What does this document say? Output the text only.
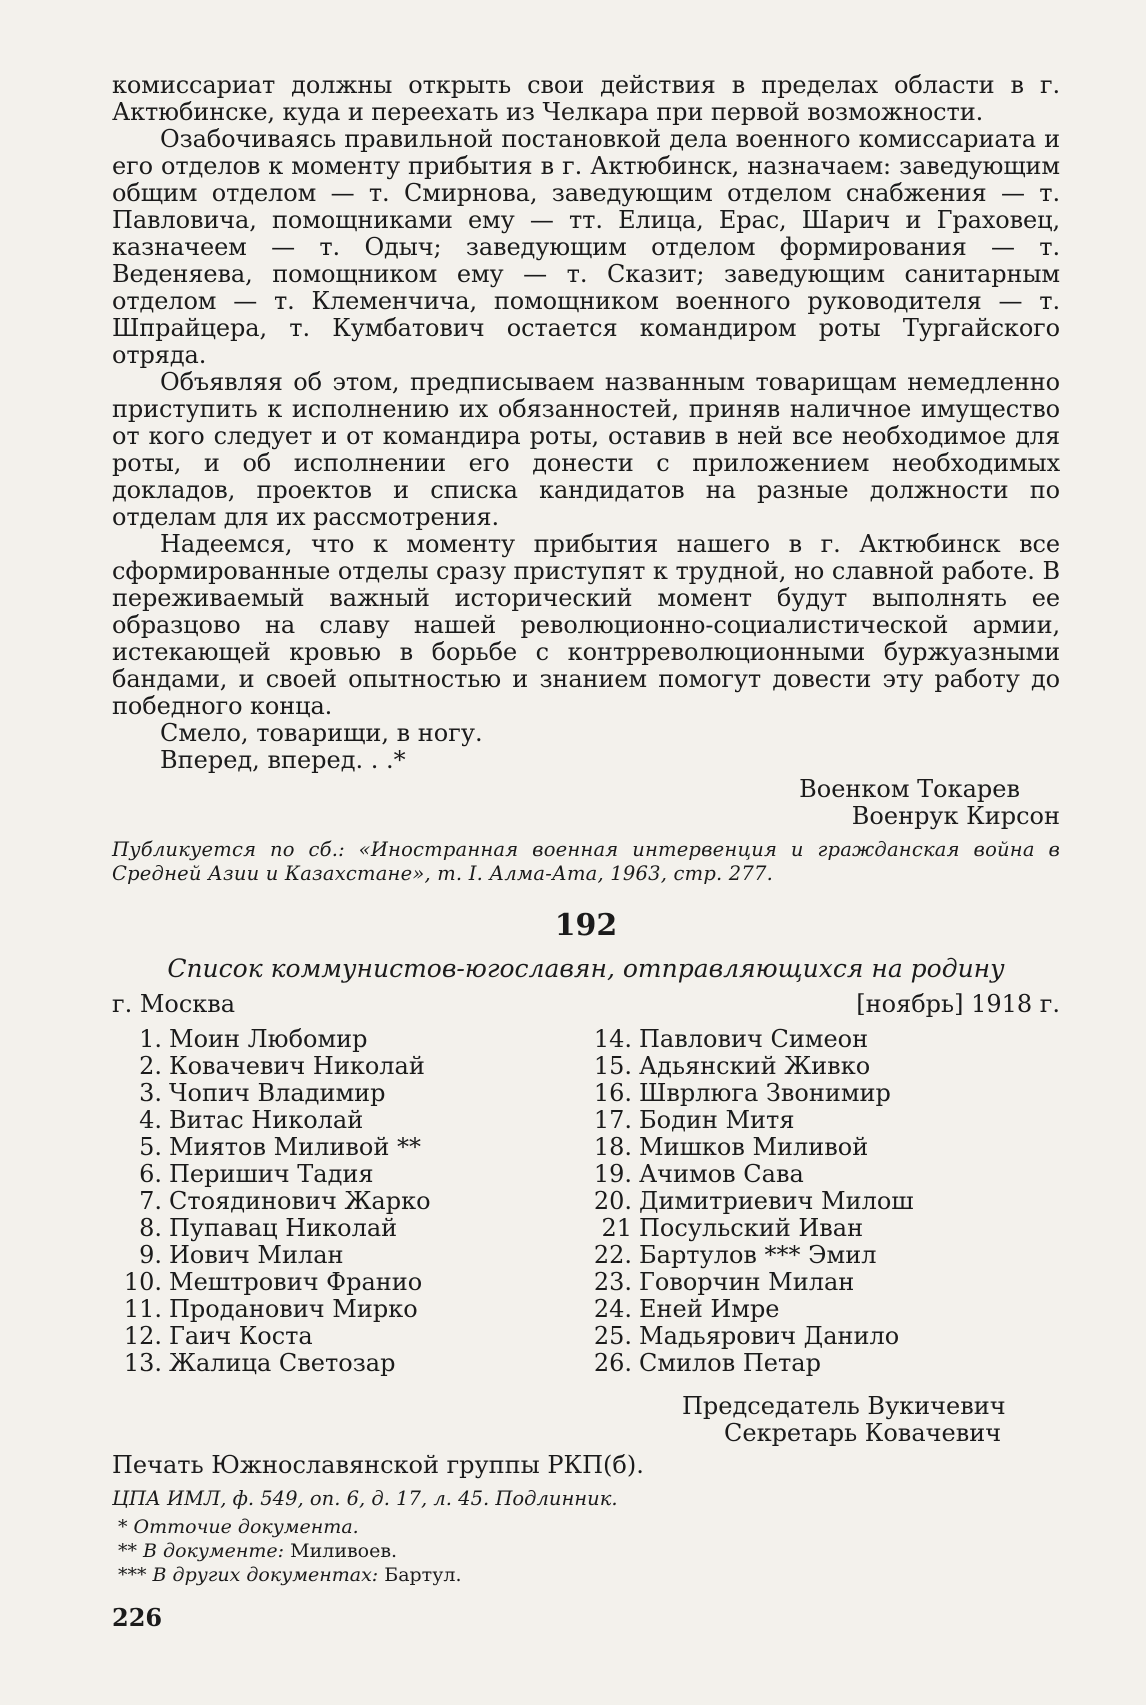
комиссариат должны открыть свои действия в пределах области в г. Актюбинске, куда и переехать из Челкара при первой возможности.

Озабочиваясь правильной постановкой дела военного комиссариата и его отделов к моменту прибытия в г. Актюбинск, назначаем: заведующим общим отделом — т. Смирнова, заведующим отделом снабжения — т. Павловича, помощниками ему — тт. Елица, Ерас, Шарич и Граховец, казначеем — т. Одыч; заведующим отделом формирования — т. Веденяева, помощником ему — т. Сказит; заведующим санитарным отделом — т. Клеменчича, помощником военного руководителя — т. Шпрайцера, т. Кумбатович остается командиром роты Тургайского отряда.

Объявляя об этом, предписываем названным товарищам немедленно приступить к исполнению их обязанностей, приняв наличное имущество от кого следует и от командира роты, оставив в ней все необходимое для роты, и об исполнении его донести с приложением необходимых докладов, проектов и списка кандидатов на разные должности по отделам для их рассмотрения.

Надеемся, что к моменту прибытия нашего в г. Актюбинск все сформированные отделы сразу приступят к трудной, но славной работе. В переживаемый важный исторический момент будут выполнять ее образцово на славу нашей революционно-социалистической армии, истекающей кровью в борьбе с контрреволюционными буржуазными бандами, и своей опытностью и знанием помогут довести эту работу до победного конца.

Смело, товарищи, в ногу.
Вперед, вперед. . .*
Военком Токарев
Военрук Кирсон

Публикуется по сб.: «Иностранная военная интервенция и гражданская война в Средней Азии и Казахстане», т. I. Алма-Ата, 1963, стр. 277.

192
Список коммунистов-югославян, отправляющихся на родину
г. Москва	[ноябрь] 1918 г.
1. Моин Любомир
2. Ковачевич Николай
3. Чопич Владимир
4. Витас Николай
5. Миятов Миливой **
6. Перишич Тадия
7. Стоядинович Жарко
8. Пупавац Николай
9. Иович Милан
10. Мештрович Франио
11. Проданович Мирко
12. Гаич Коста
13. Жалица Светозар
14. Павлович Симеон
15. Адьянский Живко
16. Шврлюга Звонимир
17. Бодин Митя
18. Мишков Миливой
19. Ачимов Сава
20. Димитриевич Милош
21 Посульский Иван
22. Бартулов *** Эмил
23. Говорчин Милан
24. Еней Имре
25. Мадьярович Данило
26. Смилов Петар
Председатель Вукичевич
Секретарь Ковачевич
Печать Южнославянской группы РКП(б).
ЦПА ИМЛ, ф. 549, оп. 6, д. 17, л. 45. Подлинник.
* Отточие документа.
** В документе: Миливоев.
*** В других документах: Бартул.
226
